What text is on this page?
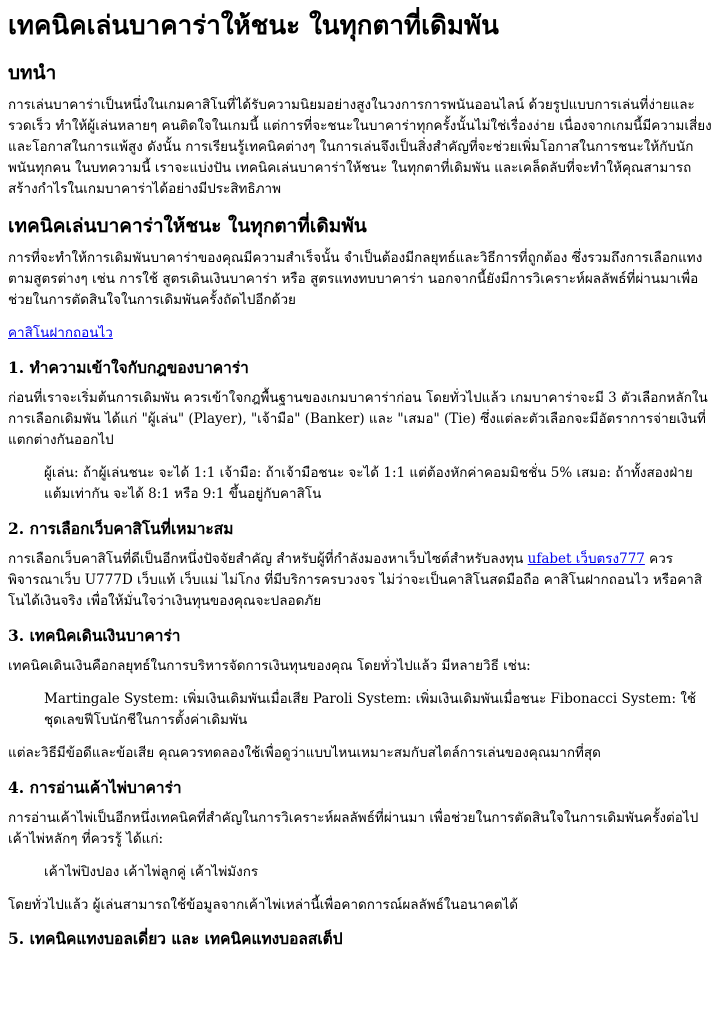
เทคนิคเล่นบาคาร่าให้ชนะ ในทุกตาที่เดิมพัน
บทนำ

การเล่นบาคาร่าเป็นหนึ่งในเกมคาสิโนที่ได้รับความนิยมอย่างสูงในวงการการพนันออนไลน์ ด้วยรูปแบบการเล่นที่ง่ายและรวดเร็ว ทำให้ผู้เล่นหลายๆ คนติดใจในเกมนี้ แต่การที่จะชนะในบาคาร่าทุกครั้งนั้นไม่ใช่เรื่องง่าย เนื่องจากเกมนี้มีความเสี่ยงและโอกาสในการแพ้สูง ดังนั้น การเรียนรู้เทคนิคต่างๆ ในการเล่นจึงเป็นสิ่งสำคัญที่จะช่วยเพิ่มโอกาสในการชนะให้กับนักพนันทุกคน ในบทความนี้ เราจะแบ่งปัน เทคนิคเล่นบาคาร่าให้ชนะ ในทุกตาที่เดิมพัน และเคล็ดลับที่จะทำให้คุณสามารถสร้างกำไรในเกมบาคาร่าได้อย่างมีประสิทธิภาพ

เทคนิคเล่นบาคาร่าให้ชนะ ในทุกตาที่เดิมพัน

การที่จะทำให้การเดิมพันบาคาร่าของคุณมีความสำเร็จนั้น จำเป็นต้องมีกลยุทธ์และวิธีการที่ถูกต้อง ซึ่งรวมถึงการเลือกแทงตามสูตรต่างๆ เช่น การใช้ สูตรเดินเงินบาคาร่า หรือ สูตรแทงทบบาคาร่า นอกจากนี้ยังมีการวิเคราะห์ผลลัพธ์ที่ผ่านมาเพื่อช่วยในการตัดสินใจในการเดิมพันครั้งถัดไปอีกด้วย

คาสิโนฝากถอนไว

1. ทำความเข้าใจกับกฎของบาคาร่า

ก่อนที่เราจะเริ่มต้นการเดิมพัน ควรเข้าใจกฎพื้นฐานของเกมบาคาร่าก่อน โดยทั่วไปแล้ว เกมบาคาร่าจะมี 3 ตัวเลือกหลักในการเลือกเดิมพัน ได้แก่ "ผู้เล่น" (Player), "เจ้ามือ" (Banker) และ "เสมอ" (Tie) ซึ่งแต่ละตัวเลือกจะมีอัตราการจ่ายเงินที่แตกต่างกันออกไป

ผู้เล่น: ถ้าผู้เล่นชนะ จะได้ 1:1 เจ้ามือ: ถ้าเจ้ามือชนะ จะได้ 1:1 แต่ต้องหักค่าคอมมิชชั่น 5% เสมอ: ถ้าทั้งสองฝ่ายแต้มเท่ากัน จะได้ 8:1 หรือ 9:1 ขึ้นอยู่กับคาสิโน
2. การเลือกเว็บคาสิโนที่เหมาะสม

การเลือกเว็บคาสิโนที่ดีเป็นอีกหนึ่งปัจจัยสำคัญ สำหรับผู้ที่กำลังมองหาเว็บไซต์สำหรับลงทุน ufabet เว็บตรง777 ควรพิจารณาเว็บ U777D เว็บแท้ เว็บแม่ ไม่โกง ที่มีบริการครบวงจร ไม่ว่าจะเป็นคาสิโนสดมือถือ คาสิโนฝากถอนไว หรือคาสิโนได้เงินจริง เพื่อให้มั่นใจว่าเงินทุนของคุณจะปลอดภัย

3. เทคนิคเดินเงินบาคาร่า

เทคนิคเดินเงินคือกลยุทธ์ในการบริหารจัดการเงินทุนของคุณ โดยทั่วไปแล้ว มีหลายวิธี เช่น:

Martingale System: เพิ่มเงินเดิมพันเมื่อเสีย Paroli System: เพิ่มเงินเดิมพันเมื่อชนะ Fibonacci System: ใช้ชุดเลขฟีโบนักชีในการตั้งค่าเดิมพัน

แต่ละวิธีมีข้อดีและข้อเสีย คุณควรทดลองใช้เพื่อดูว่าแบบไหนเหมาะสมกับสไตล์การเล่นของคุณมากที่สุด

4. การอ่านเค้าไพ่บาคาร่า

การอ่านเค้าไพ่เป็นอีกหนึ่งเทคนิคที่สำคัญในการวิเคราะห์ผลลัพธ์ที่ผ่านมา เพื่อช่วยในการตัดสินใจในการเดิมพันครั้งต่อไป เค้าไพ่หลักๆ ที่ควรรู้ ได้แก่:

เค้าไพ่ปิงปอง เค้าไพ่ลูกคู่ เค้าไพ่มังกร

โดยทั่วไปแล้ว ผู้เล่นสามารถใช้ข้อมูลจากเค้าไพ่เหล่านี้เพื่อคาดการณ์ผลลัพธ์ในอนาคตได้

5. เทคนิคแทงบอลเดี่ยว และ เทคนิคแทงบอลสเต็ป
